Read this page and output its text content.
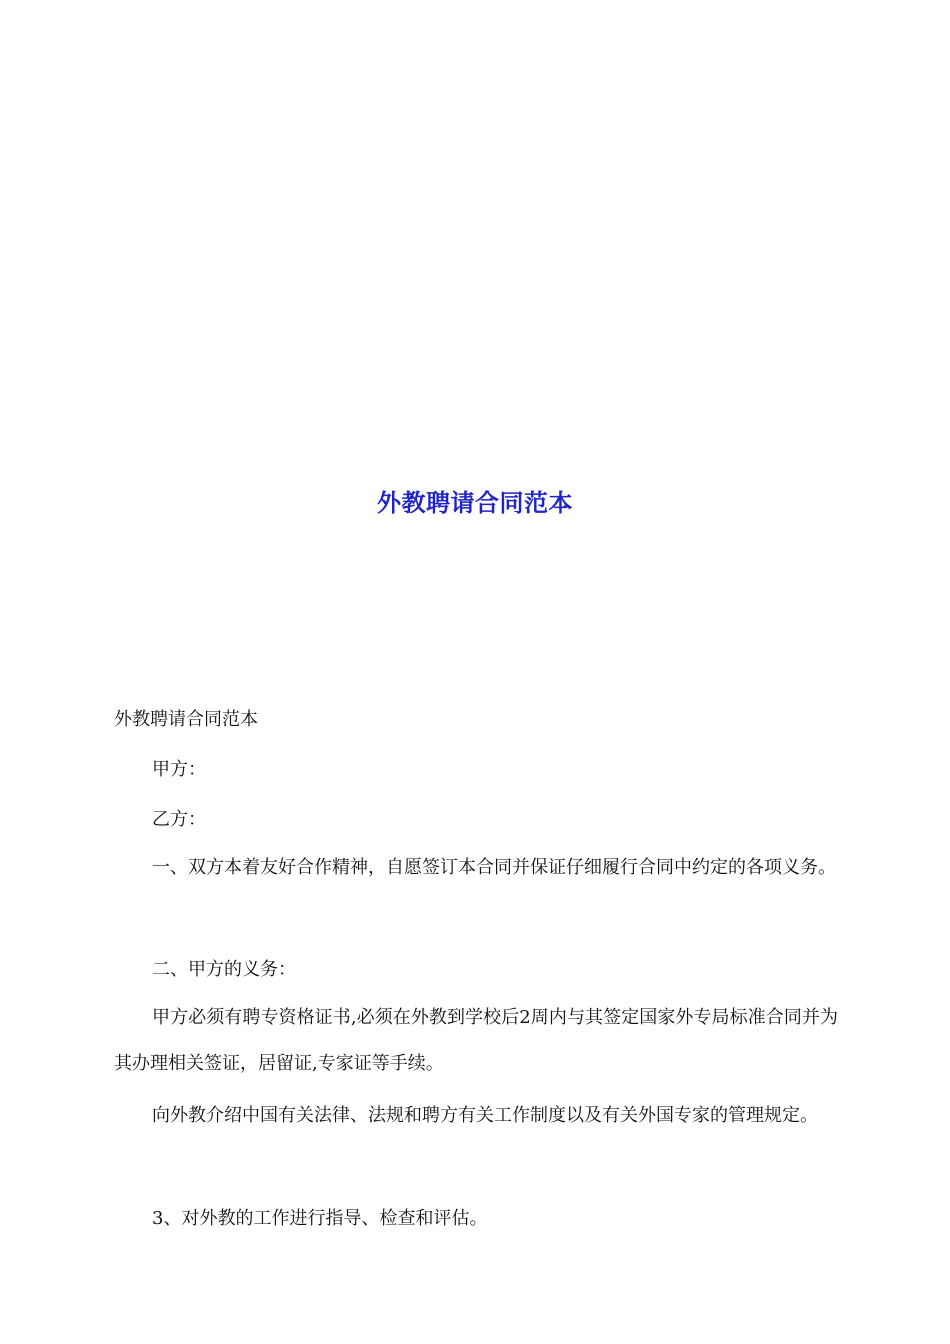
外教聘请合同范本
外教聘请合同范本
甲方：
乙方：
一、双方本着友好合作精神，自愿签订本合同并保证仔细履行合同中约定的各项义务。
二、甲方的义务：
甲方必须有聘专资格证书,必须在外教到学校后2周内与其签定国家外专局标准合同并为其办理相关签证，居留证,专家证等手续。
向外教介绍中国有关法律、法规和聘方有关工作制度以及有关外国专家的管理规定。
3、对外教的工作进行指导、检查和评估。
